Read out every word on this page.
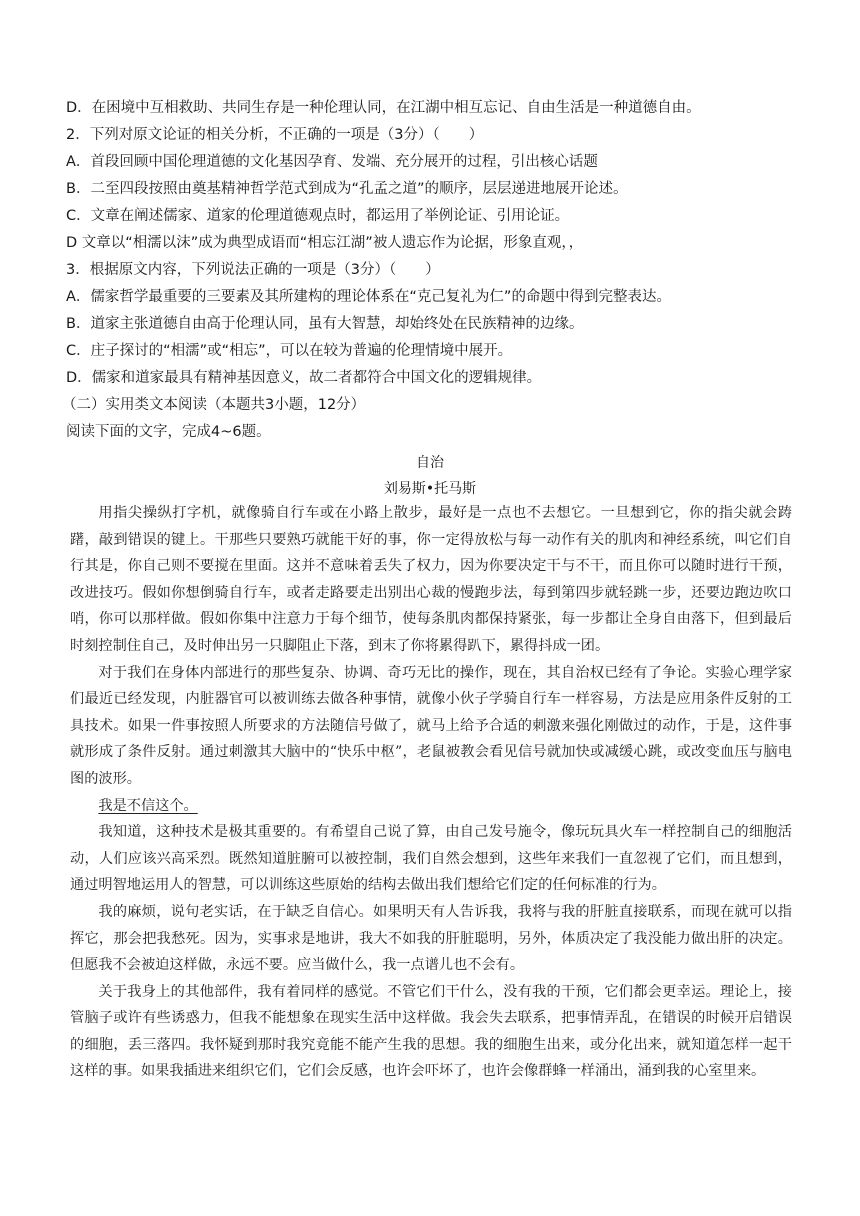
D．在困境中互相救助、共同生存是一种伦理认同，在江湖中相互忘记、自由生活是一种道德自由。
2．下列对原文论证的相关分析，不正确的一项是（3分）（　　）
A．首段回顾中国伦理道德的文化基因孕育、发端、充分展开的过程，引出核心话题
B．二至四段按照由奠基精神哲学范式到成为“孔孟之道”的顺序，层层递进地展开论述。
C．文章在阐述儒家、道家的伦理道德观点时，都运用了举例论证、引用论证。
D 文章以“相濡以沫”成为典型成语而“相忘江湖”被人遗忘作为论据，形象直观，，
3．根据原文内容，下列说法正确的一项是（3分）（　　）
A．儒家哲学最重要的三要素及其所建构的理论体系在“克己复礼为仁”的命题中得到完整表达。
B．道家主张道德自由高于伦理认同，虽有大智慧，却始终处在民族精神的边缘。
C．庄子探讨的“相濡”或“相忘”，可以在较为普遍的伦理情境中展开。
D．儒家和道家最具有精神基因意义，故二者都符合中国文化的逻辑规律。
（二）实用类文本阅读（本题共3小题，12分）
阅读下面的文字，完成4~6题。
自治
刘易斯•托马斯

用指尖操纵打字机，就像骑自行车或在小路上散步，最好是一点也不去想它。一旦想到它，你的指尖就会踌躇，敲到错误的键上。干那些只要熟巧就能干好的事，你一定得放松与每一动作有关的肌肉和神经系统，叫它们自行其是，你自己则不要搅在里面。这并不意味着丢失了权力，因为你要决定干与不干，而且你可以随时进行干预，改进技巧。假如你想倒骑自行车，或者走路要走出别出心裁的慢跑步法，每到第四步就轻跳一步，还要边跑边吹口哨，你可以那样做。假如你集中注意力于每个细节，使每条肌肉都保持紧张，每一步都让全身自由落下，但到最后时刻控制住自己，及时伸出另一只脚阻止下落，到末了你将累得趴下，累得抖成一团。

对于我们在身体内部进行的那些复杂、协调、奇巧无比的操作，现在，其自治权已经有了争论。实验心理学家们最近已经发现，内脏器官可以被训练去做各种事情，就像小伙子学骑自行车一样容易，方法是应用条件反射的工具技术。如果一件事按照人所要求的方法随信号做了，就马上给予合适的刺激来强化刚做过的动作，于是，这件事就形成了条件反射。通过刺激其大脑中的“快乐中枢”，老鼠被教会看见信号就加快或减缓心跳，或改变血压与脑电图的波形。

我是不信这个。

我知道，这种技术是极其重要的。有希望自己说了算，由自己发号施令，像玩玩具火车一样控制自己的细胞活动，人们应该兴高采烈。既然知道脏腑可以被控制，我们自然会想到，这些年来我们一直忽视了它们，而且想到，通过明智地运用人的智慧，可以训练这些原始的结构去做出我们想给它们定的任何标准的行为。

我的麻烦，说句老实话，在于缺乏自信心。如果明天有人告诉我，我将与我的肝脏直接联系，而现在就可以指挥它，那会把我愁死。因为，实事求是地讲，我大不如我的肝脏聪明，另外，体质决定了我没能力做出肝的决定。但愿我不会被迫这样做，永远不要。应当做什么，我一点谱儿也不会有。

关于我身上的其他部件，我有着同样的感觉。不管它们干什么，没有我的干预，它们都会更幸运。理论上，接管脑子或许有些诱惑力，但我不能想象在现实生活中这样做。我会失去联系，把事情弄乱，在错误的时候开启错误的细胞，丢三落四。我怀疑到那时我究竟能不能产生我的思想。我的细胞生出来，或分化出来，就知道怎样一起干这样的事。如果我插进来组织它们，它们会反感，也许会吓坏了，也许会像群蜂一样涌出，涌到我的心室里来。
